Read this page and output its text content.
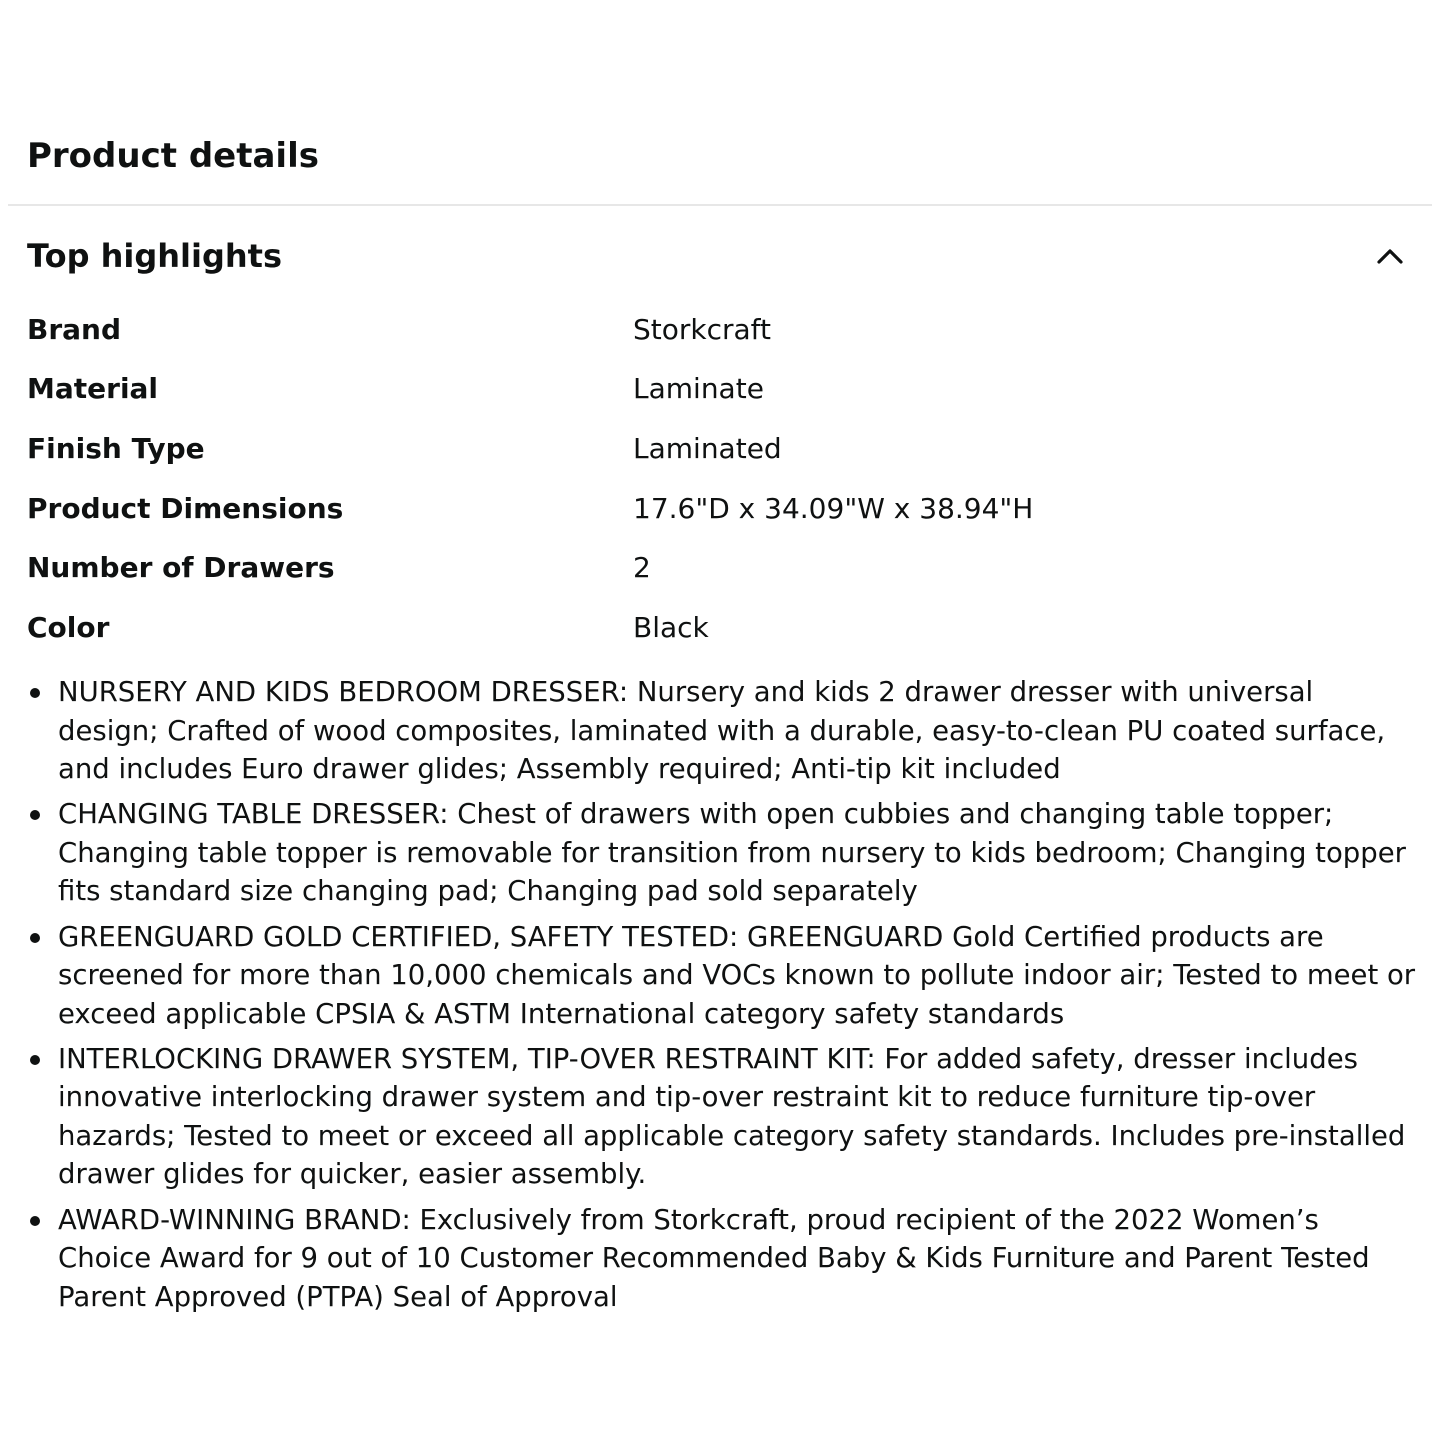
Product details
Top highlights
Brand	Storkcraft
Material	Laminate
Finish Type	Laminated
Product Dimensions	17.6"D x 34.09"W x 38.94"H
Number of Drawers	2
Color	Black
NURSERY AND KIDS BEDROOM DRESSER: Nursery and kids 2 drawer dresser with universal design; Crafted of wood composites, laminated with a durable, easy-to-clean PU coated surface, and includes Euro drawer glides; Assembly required; Anti-tip kit included
CHANGING TABLE DRESSER: Chest of drawers with open cubbies and changing table topper; Changing table topper is removable for transition from nursery to kids bedroom; Changing topper fits standard size changing pad; Changing pad sold separately
GREENGUARD GOLD CERTIFIED, SAFETY TESTED: GREENGUARD Gold Certified products are screened for more than 10,000 chemicals and VOCs known to pollute indoor air; Tested to meet or exceed applicable CPSIA & ASTM International category safety standards
INTERLOCKING DRAWER SYSTEM, TIP-OVER RESTRAINT KIT: For added safety, dresser includes innovative interlocking drawer system and tip-over restraint kit to reduce furniture tip-over hazards; Tested to meet or exceed all applicable category safety standards. Includes pre-installed drawer glides for quicker, easier assembly.
AWARD-WINNING BRAND: Exclusively from Storkcraft, proud recipient of the 2022 Women’s Choice Award for 9 out of 10 Customer Recommended Baby & Kids Furniture and Parent Tested Parent Approved (PTPA) Seal of Approval
